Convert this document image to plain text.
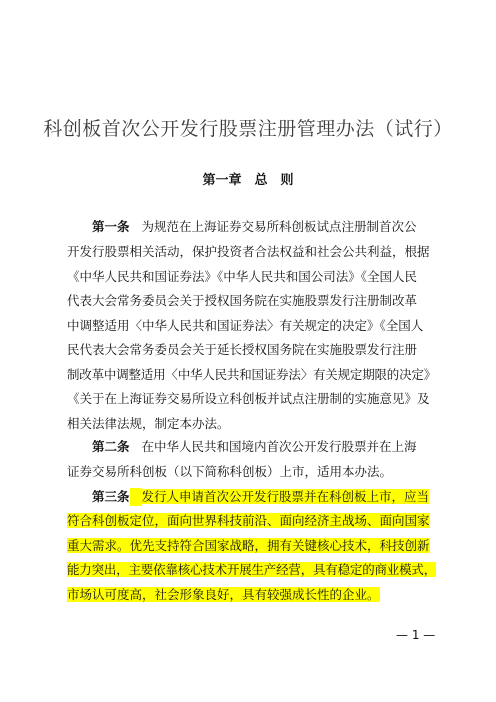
科创板首次公开发行股票注册管理办法（试行）
第一章　总　则
第一条 为规范在上海证券交易所科创板试点注册制首次公
开发行股票相关活动，保护投资者合法权益和社会公共利益，根据
《中华人民共和国证券法》《中华人民共和国公司法》《全国人民
代表大会常务委员会关于授权国务院在实施股票发行注册制改革
中调整适用〈中华人民共和国证券法〉有关规定的决定》《全国人
民代表大会常务委员会关于延长授权国务院在实施股票发行注册
制改革中调整适用〈中华人民共和国证券法〉有关规定期限的决定》
《关于在上海证券交易所设立科创板并试点注册制的实施意见》及
相关法律法规，制定本办法。
第二条 在中华人民共和国境内首次公开发行股票并在上海
证券交易所科创板（以下简称科创板）上市，适用本办法。
第三条 发行人申请首次公开发行股票并在科创板上市，应当
符合科创板定位，面向世界科技前沿、面向经济主战场、面向国家
重大需求。优先支持符合国家战略，拥有关键核心技术，科技创新
能力突出，主要依靠核心技术开展生产经营，具有稳定的商业模式，
市场认可度高，社会形象良好，具有较强成长性的企业。
— 1 —
